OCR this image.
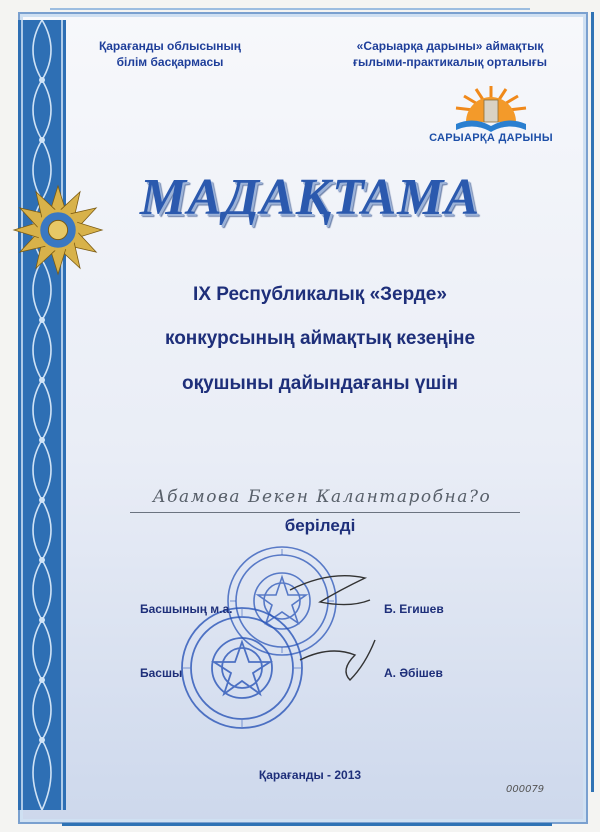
Қарағанды облысының
білім басқармасы
«Сарыарқа дарыны» аймақтық
ғылыми-практикалық орталығы
САРЫАРҚА ДАРЫНЫ
МАДАҚТАМА
IX Республикалық «Зерде»
конкурсының аймақтық кезеңіне
оқушыны дайындағаны үшін
Абамова Бекен Калантаробна?о
беріледі
Басшының м.а.	Б. Егишев
Басшы	А. Әбішев
Қарағанды - 2013
000079
